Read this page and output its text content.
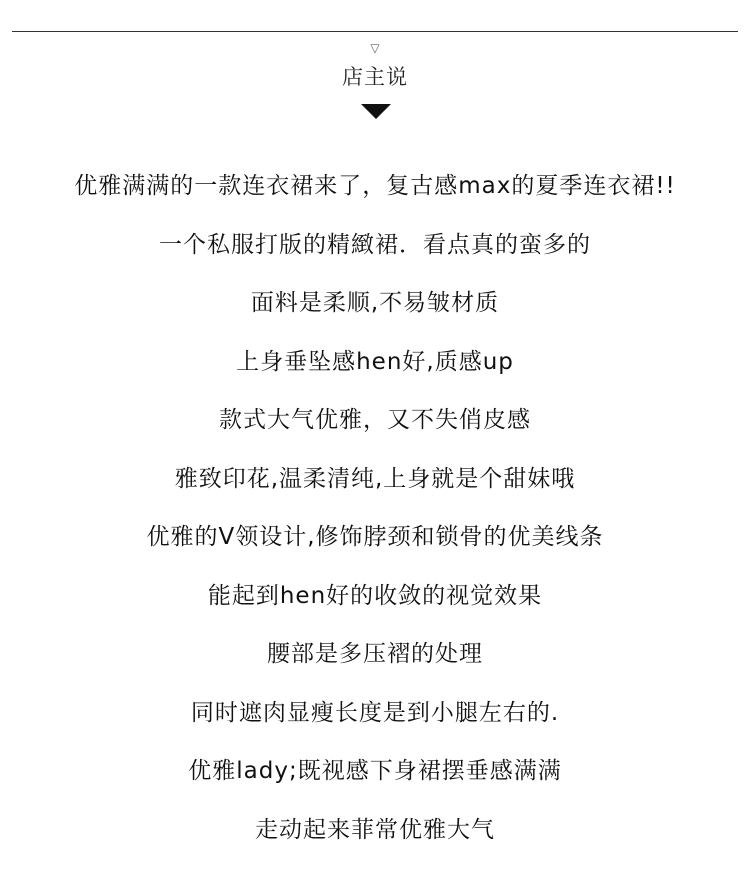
▽
店主说
优雅满满的一款连衣裙来了，复古感max的夏季连衣裙!!
一个私服打版的精緻裙．看点真的蛮多的
面料是柔顺,不易皱材质
上身垂坠感hen好,质感up
款式大气优雅，又不失俏皮感
雅致印花,温柔清纯,上身就是个甜妹哦
优雅的V领设计,修饰脖颈和锁骨的优美线条
能起到hen好的收敛的视觉效果
腰部是多压褶的处理
同时遮肉显瘦长度是到小腿左右的.
优雅lady;既视感下身裙摆垂感满满
走动起来菲常优雅大气
